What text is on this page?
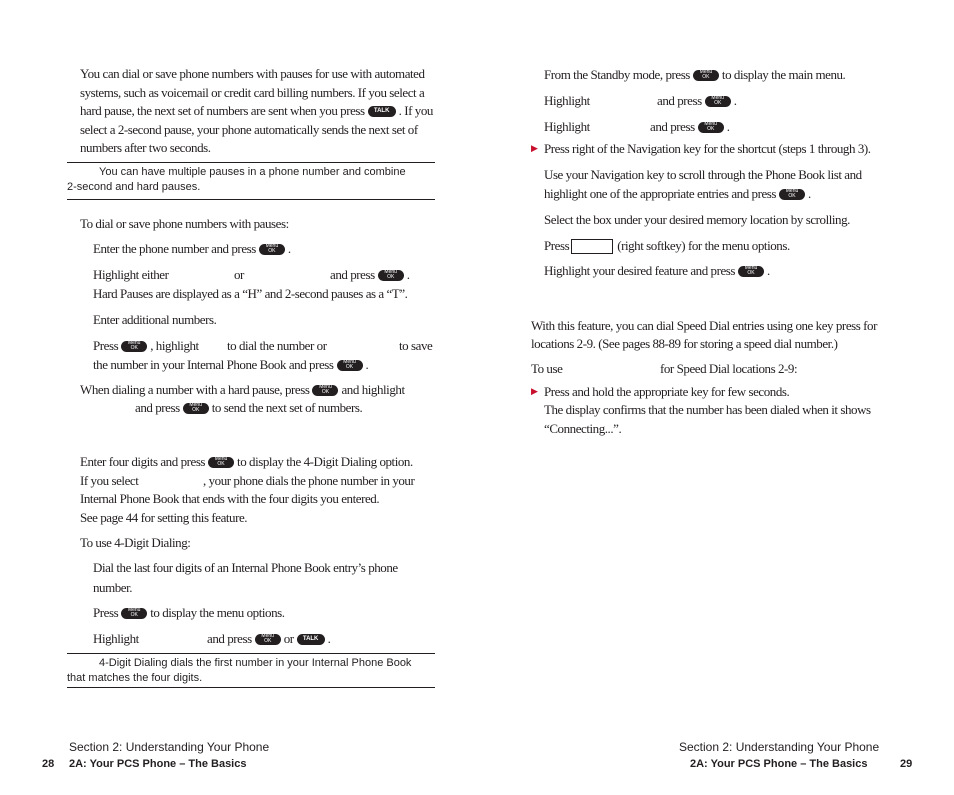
You can dial or save phone numbers with pauses for use with automated
systems, such as voicemail or credit card billing numbers. If you select a
hard pause, the next set of numbers are sent when you press TALK . If you
select a 2-second pause, your phone automatically sends the next set of
numbers after two seconds.
You can have multiple pauses in a phone number and combine
2-second and hard pauses.
To dial or save phone numbers with pauses:
Enter the phone number and press	Menu
OK .
Highlight either	or	and press	Menu
OK .
Hard Pauses are displayed as a “H” and 2-second pauses as a “T”.
Enter additional numbers.
Press	Menu
OK , highlight to dial the number or	to save
the number in your Internal Phone Book and press	Menu
OK .
When dialing a number with a hard pause, press	Menu
OK and highlight
and press	Menu
OK to send the next set of numbers.
Enter four digits and press	Menu
OK to display the 4-Digit Dialing option.
If you select	, your phone dials the phone number in your
Internal Phone Book that ends with the four digits you entered.
See page 44 for setting this feature.
To use 4-Digit Dialing:
Dial the last four digits of an Internal Phone Book entry’s phone
number.
Press	Menu
OK to display the menu options.
Highlight	and press	Menu
OK or TALK .
4-Digit Dialing dials the first number in your Internal Phone Book
that matches the four digits.
Section 2: Understanding Your Phone
28 2A: Your PCS Phone – The Basics
From the Standby mode, press	Menu
OK to display the main menu.
Highlight	and press	Menu
OK .
Highlight	and press	Menu
OK .
▶ Press right of the Navigation key for the shortcut (steps 1 through 3).
Use your Navigation key to scroll through the Phone Book list and
highlight one of the appropriate entries and press	Menu
OK .
Select the box under your desired memory location by scrolling.
Press	(right softkey) for the menu options.
Highlight your desired feature and press	Menu
OK .
With this feature, you can dial Speed Dial entries using one key press for
locations 2-9. (See pages 88-89 for storing a speed dial number.)
To use	for Speed Dial locations 2-9:
▶ Press and hold the appropriate key for few seconds.
The display confirms that the number has been dialed when it shows
“Connecting...”.
Section 2: Understanding Your Phone
2A: Your PCS Phone – The Basics	29
